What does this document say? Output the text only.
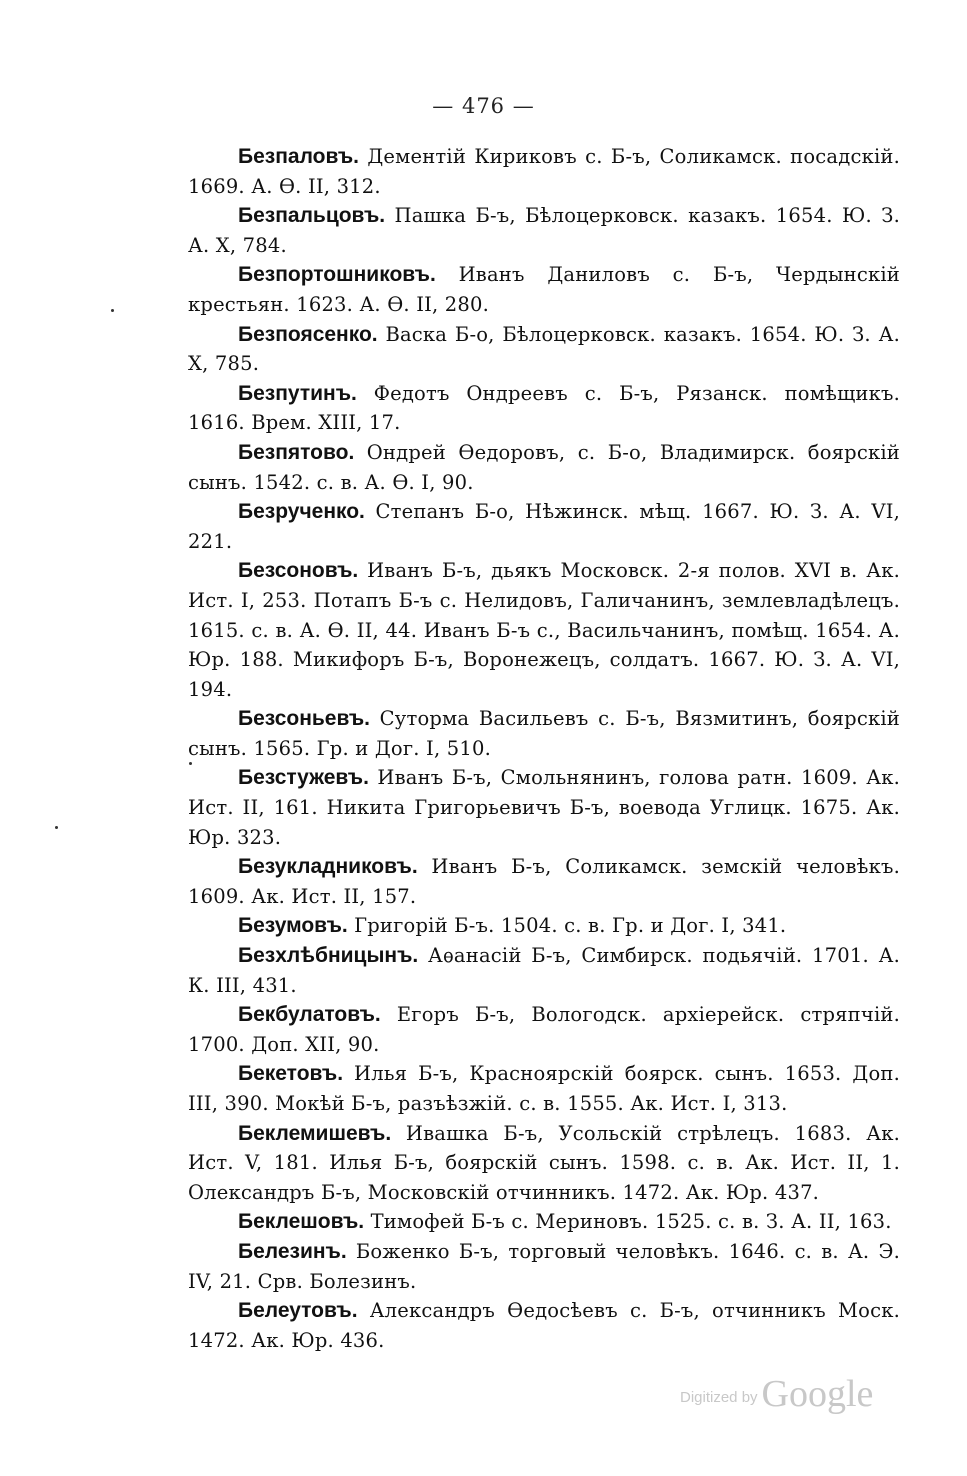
— 476 —

Безпаловъ. Дементій Кириковъ с. Б-ъ, Соликамск. посадскій. 1669. А. Ѳ. II, 312.

Безпальцовъ. Пашка Б-ъ, Бѣлоцерковск. казакъ. 1654. Ю. З. А. X, 784.

Безпортошниковъ. Иванъ Даниловъ с. Б-ъ, Чердынскій крестьян. 1623. А. Ѳ. II, 280.

Безпоясенко. Васка Б-о, Бѣлоцерковск. казакъ. 1654. Ю. З. А. X, 785.

Безпутинъ. Федотъ Ондреевъ с. Б-ъ, Рязанск. помѣщикъ. 1616. Врем. XIII, 17.

Безпятово. Ондрей Ѳедоровъ, с. Б-о, Владимирск. боярскій сынъ. 1542. с. в. А. Ѳ. I, 90.

Безрученко. Степанъ Б-о, Нѣжинск. мѣщ. 1667. Ю. З. А. VI, 221.

Безсоновъ. Иванъ Б-ъ, дьякъ Московск. 2-я полов. XVI в. Ак. Ист. I, 253. Потапъ Б-ъ с. Нелидовъ, Галичанинъ, землевладѣлецъ. 1615. с. в. А. Ѳ. II, 44. Иванъ Б-ъ с., Васильчанинъ, помѣщ. 1654. А. Юр. 188. Микифоръ Б-ъ, Воронежецъ, солдатъ. 1667. Ю. З. А. VI, 194.

Безсоньевъ. Суторма Васильевъ с. Б-ъ, Вязмитинъ, боярскій сынъ. 1565. Гр. и Дог. I, 510.

Безстужевъ. Иванъ Б-ъ, Смольнянинъ, голова ратн. 1609. Ак. Ист. II, 161. Никита Григорьевичъ Б-ъ, воевода Углицк. 1675. Ак. Юр. 323.

Безукладниковъ. Иванъ Б-ъ, Соликамск. земскій человѣкъ. 1609. Ак. Ист. II, 157.

Безумовъ. Григорій Б-ъ. 1504. с. в. Гр. и Дог. I, 341.

Безхлѣбницынъ. Аѳанасій Б-ъ, Симбирск. подьячій. 1701. А. К. III, 431.

Бекбулатовъ. Егоръ Б-ъ, Вологодск. архіерейск. стряпчій. 1700. Доп. XII, 90.

Бекетовъ. Илья Б-ъ, Красноярскій боярск. сынъ. 1653. Доп. III, 390. Мокѣй Б-ъ, разъѣзжій. с. в. 1555. Ак. Ист. I, 313.

Беклемишевъ. Ивашка Б-ъ, Усольскій стрѣлецъ. 1683. Ак. Ист. V, 181. Илья Б-ъ, боярскій сынъ. 1598. с. в. Ак. Ист. II, 1. Олександръ Б-ъ, Московскій отчинникъ. 1472. Ак. Юр. 437.

Беклешовъ. Тимофей Б-ъ с. Мериновъ. 1525. с. в. З. А. II, 163.

Белезинъ. Боженко Б-ъ, торговый человѣкъ. 1646. с. в. А. Э. IV, 21. Срв. Болезинъ.

Белеутовъ. Александръ Ѳедосѣевъ с. Б-ъ, отчинникъ Моск. 1472. Ак. Юр. 436.

Digitized by Google
